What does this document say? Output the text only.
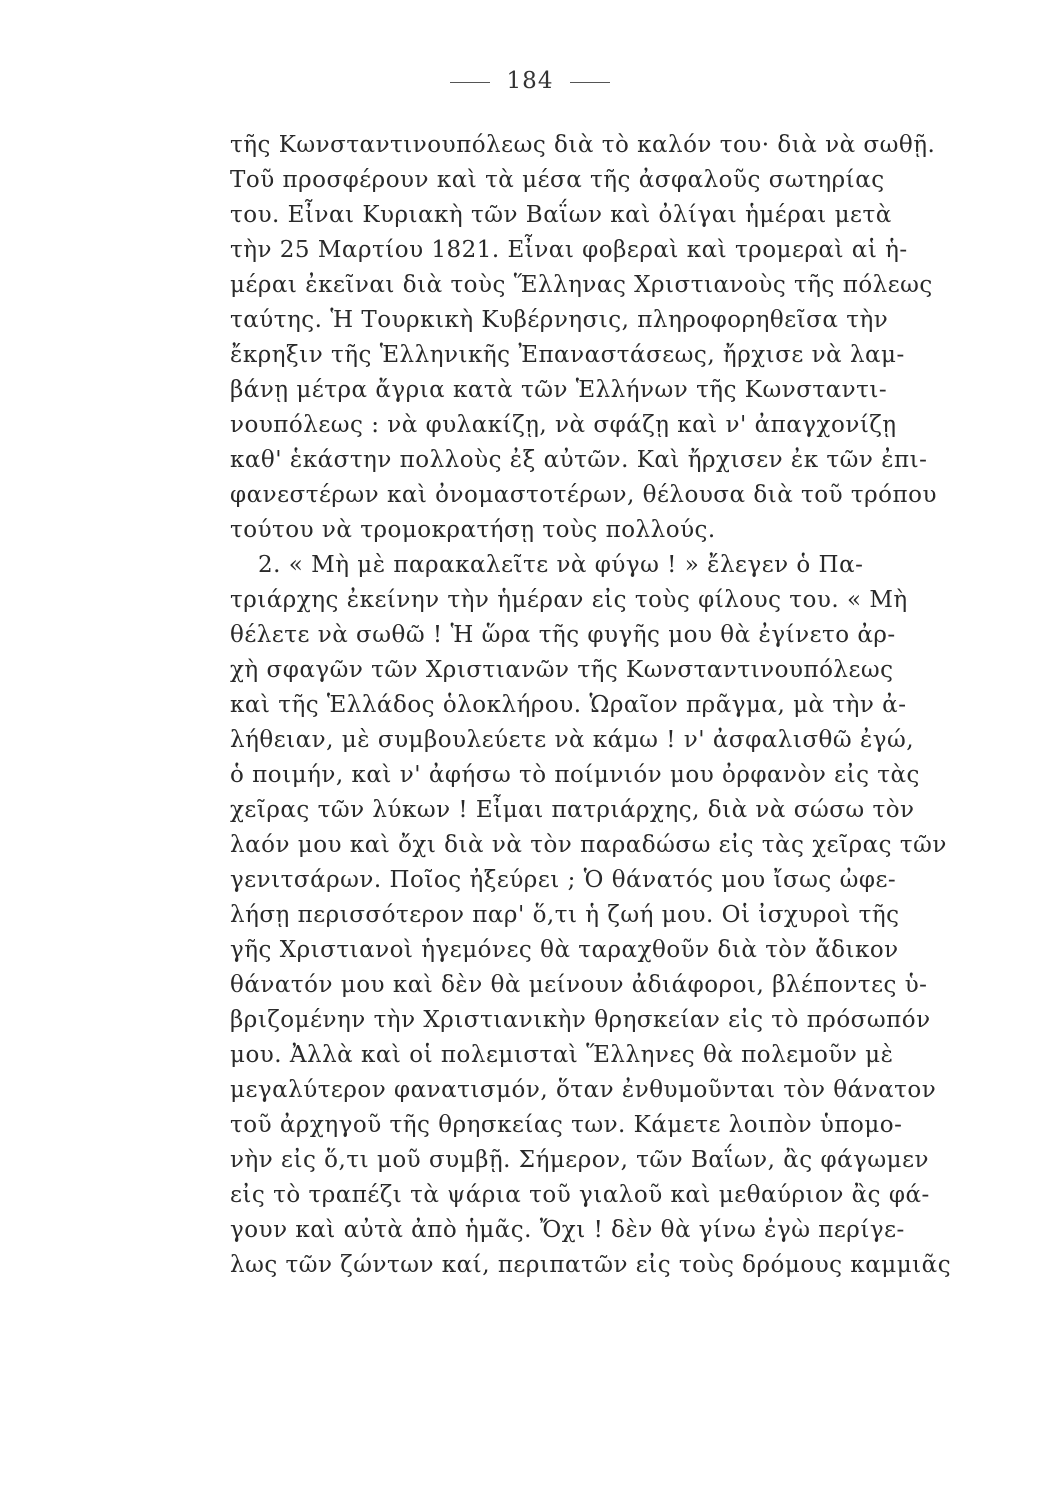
184
τῆς Κωνσταντινουπόλεως διὰ τὸ καλόν του· διὰ νὰ σωθῇ.
Τοῦ προσφέρουν καὶ τὰ μέσα τῆς ἀσφαλοῦς σωτηρίας
του. Εἶναι Κυριακὴ τῶν Βαΐων καὶ ὀλίγαι ἡμέραι μετὰ
τὴν 25 Μαρτίου 1821. Εἶναι φοβεραὶ καὶ τρομεραὶ αἱ ἡ-
μέραι ἐκεῖναι διὰ τοὺς Ἕλληνας Χριστιανοὺς τῆς πόλεως
ταύτης. Ἡ Τουρκικὴ Κυβέρνησις, πληροφορηθεῖσα τὴν
ἔκρηξιν τῆς Ἑλληνικῆς Ἐπαναστάσεως, ἤρχισε νὰ λαμ-
βάνῃ μέτρα ἄγρια κατὰ τῶν Ἑλλήνων τῆς Κωνσταντι-
νουπόλεως : νὰ φυλακίζῃ, νὰ σφάζῃ καὶ ν' ἀπαγχονίζῃ
καθ' ἑκάστην πολλοὺς ἐξ αὐτῶν. Καὶ ἤρχισεν ἐκ τῶν ἐπι-
φανεστέρων καὶ ὀνομαστοτέρων, θέλουσα διὰ τοῦ τρόπου
τούτου νὰ τρομοκρατήσῃ τοὺς πολλούς.
2. « Μὴ μὲ παρακαλεῖτε νὰ φύγω ! » ἔλεγεν ὁ Πα-
τριάρχης ἐκείνην τὴν ἡμέραν εἰς τοὺς φίλους του. « Μὴ
θέλετε νὰ σωθῶ ! Ἡ ὥρα τῆς φυγῆς μου θὰ ἐγίνετο ἀρ-
χὴ σφαγῶν τῶν Χριστιανῶν τῆς Κωνσταντινουπόλεως
καὶ τῆς Ἑλλάδος ὁλοκλήρου. Ὡραῖον πρᾶγμα, μὰ τὴν ἀ-
λήθειαν, μὲ συμβουλεύετε νὰ κάμω ! ν' ἀσφαλισθῶ ἐγώ,
ὁ ποιμήν, καὶ ν' ἀφήσω τὸ ποίμνιόν μου ὀρφανὸν εἰς τὰς
χεῖρας τῶν λύκων ! Εἶμαι πατριάρχης, διὰ νὰ σώσω τὸν
λαόν μου καὶ ὄχι διὰ νὰ τὸν παραδώσω εἰς τὰς χεῖρας τῶν
γενιτσάρων. Ποῖος ἠξεύρει ; Ὁ θάνατός μου ἴσως ὠφε-
λήσῃ περισσότερον παρ' ὅ,τι ἡ ζωή μου. Οἱ ἰσχυροὶ τῆς
γῆς Χριστιανοὶ ἡγεμόνες θὰ ταραχθοῦν διὰ τὸν ἄδικον
θάνατόν μου καὶ δὲν θὰ μείνουν ἀδιάφοροι, βλέποντες ὑ-
βριζομένην τὴν Χριστιανικὴν θρησκείαν εἰς τὸ πρόσωπόν
μου. Ἀλλὰ καὶ οἱ πολεμισταὶ Ἕλληνες θὰ πολεμοῦν μὲ
μεγαλύτερον φανατισμόν, ὅταν ἐνθυμοῦνται τὸν θάνατον
τοῦ ἀρχηγοῦ τῆς θρησκείας των. Κάμετε λοιπὸν ὑπομο-
νὴν εἰς ὅ,τι μοῦ συμβῇ. Σήμερον, τῶν Βαΐων, ἂς φάγωμεν
εἰς τὸ τραπέζι τὰ ψάρια τοῦ γιαλοῦ καὶ μεθαύριον ἂς φά-
γουν καὶ αὐτὰ ἀπὸ ἡμᾶς. Ὄχι ! δὲν θὰ γίνω ἐγὼ περίγε-
λως τῶν ζώντων καί, περιπατῶν εἰς τοὺς δρόμους καμμιᾶς
